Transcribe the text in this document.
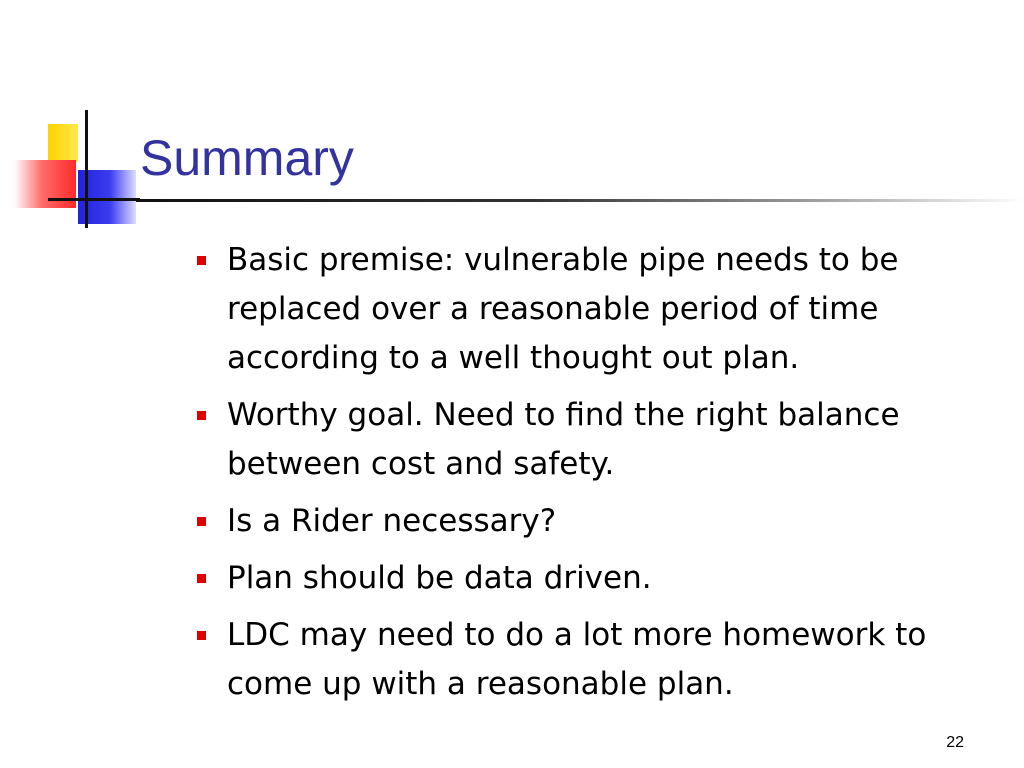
Summary
Basic premise: vulnerable pipe needs to be replaced over a reasonable period of time according to a well thought out plan.
Worthy goal. Need to find the right balance between cost and safety.
Is a Rider necessary?
Plan should be data driven.
LDC may need to do a lot more homework to come up with a reasonable plan.
22
